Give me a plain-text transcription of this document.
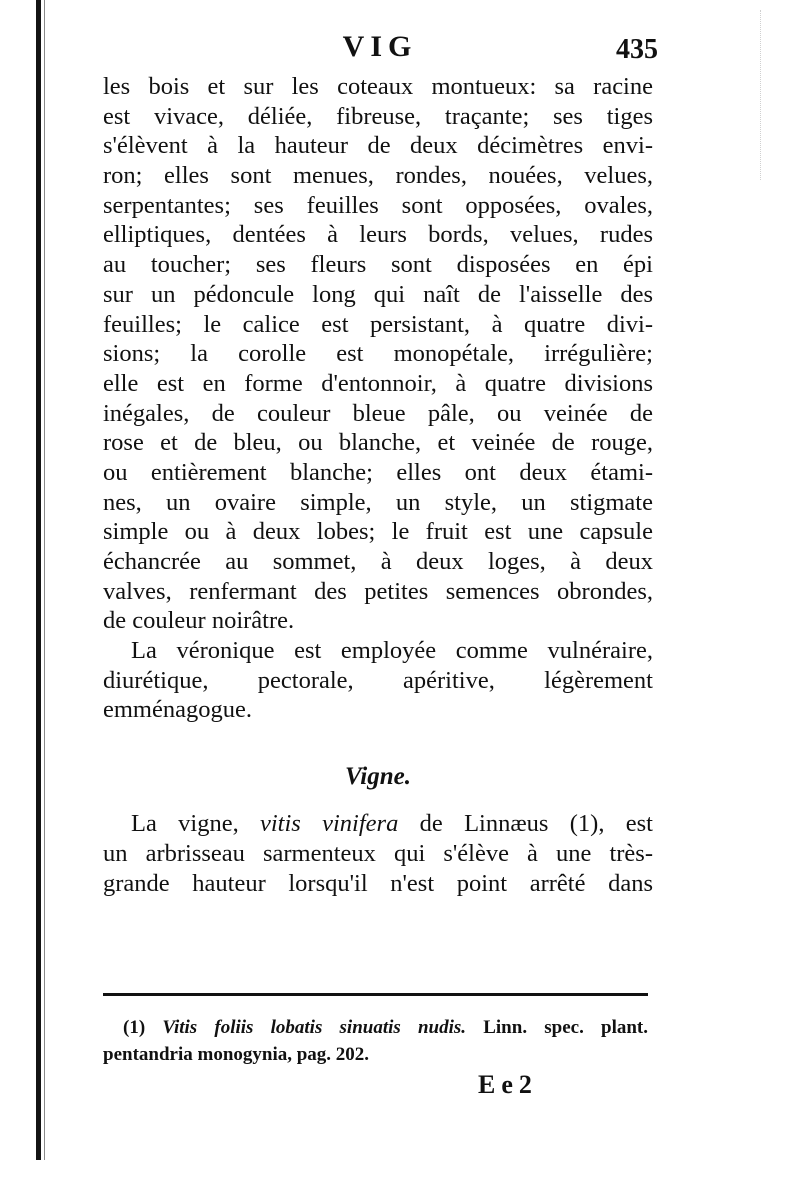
VIG	435
les bois et sur les coteaux montueux: sa racine
est vivace, déliée, fibreuse, traçante; ses tiges
s'élèvent à la hauteur de deux décimètres envi-
ron; elles sont menues, rondes, nouées, velues,
serpentantes; ses feuilles sont opposées, ovales,
elliptiques, dentées à leurs bords, velues, rudes
au toucher; ses fleurs sont disposées en épi
sur un pédoncule long qui naît de l'aisselle des
feuilles; le calice est persistant, à quatre divi-
sions; la corolle est monopétale, irrégulière;
elle est en forme d'entonnoir, à quatre divisions
inégales, de couleur bleue pâle, ou veinée de
rose et de bleu, ou blanche, et veinée de rouge,
ou entièrement blanche; elles ont deux étami-
nes, un ovaire simple, un style, un stigmate
simple ou à deux lobes; le fruit est une capsule
échancrée au sommet, à deux loges, à deux
valves, renfermant des petites semences obrondes,
de couleur noirâtre.
La véronique est employée comme vulnéraire,
diurétique, pectorale, apéritive, légèrement
emménagogue.
Vigne.
La vigne, vitis vinifera de Linnæus (1), est
un arbrisseau sarmenteux qui s'élève à une très-
grande hauteur lorsqu'il n'est point arrêté dans
(1) Vitis foliis lobatis sinuatis nudis. Linn. spec. plant.
pentandria monogynia, pag. 202.
Ee2
